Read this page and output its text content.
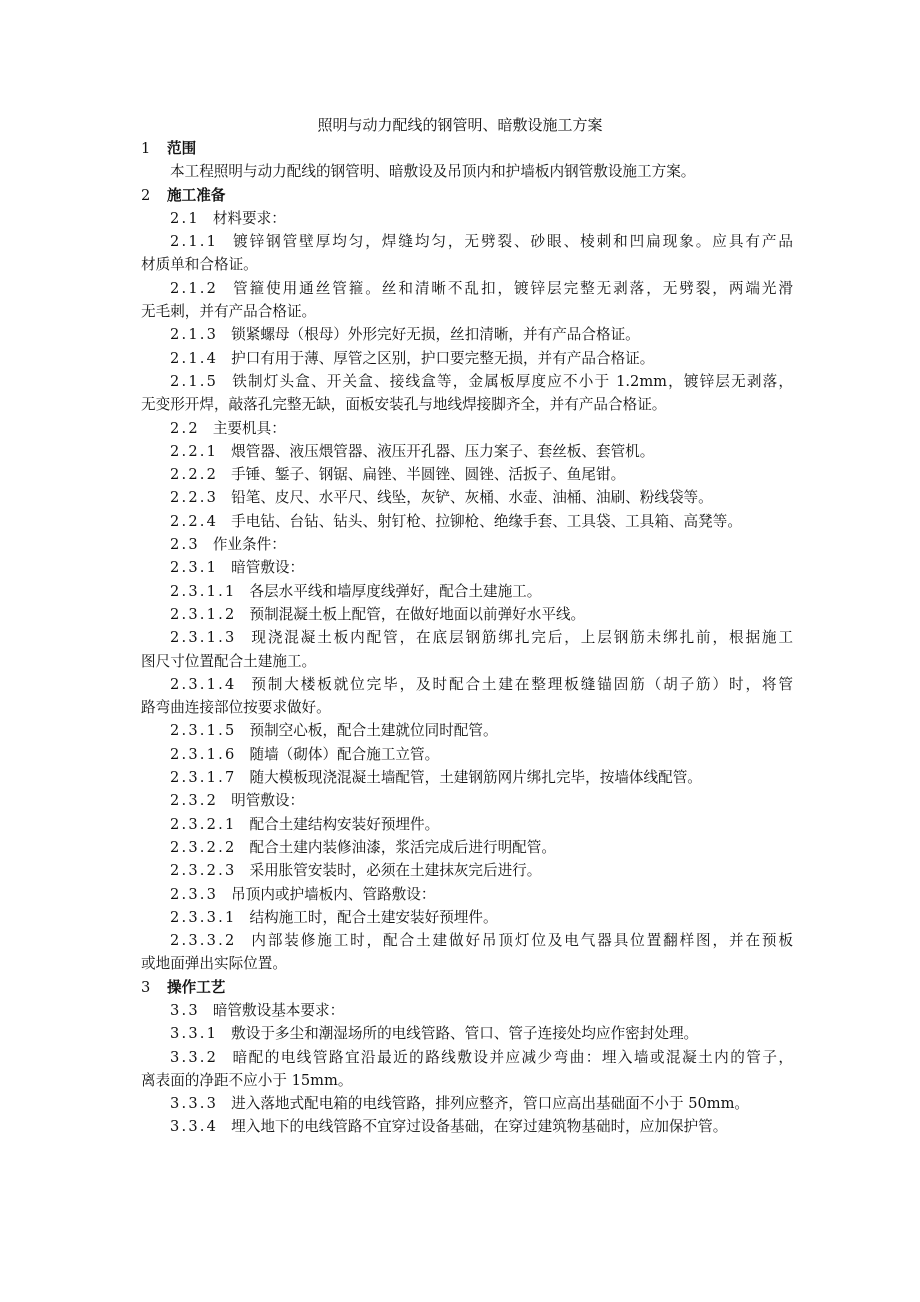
照明与动力配线的钢管明、暗敷设施工方案
1 范围
本工程照明与动力配线的钢管明、暗敷设及吊顶内和护墙板内钢管敷设施工方案。
2 施工准备
2.1 材料要求：
2.1.1 镀锌钢管壁厚均匀，焊缝均匀，无劈裂、砂眼、棱刺和凹扁现象。应具有产品
材质单和合格证。
2.1.2 管箍使用通丝管箍。丝和清晰不乱扣，镀锌层完整无剥落，无劈裂，两端光滑
无毛刺，并有产品合格证。
2.1.3 锁紧螺母（根母）外形完好无损，丝扣清晰，并有产品合格证。
2.1.4 护口有用于薄、厚管之区别，护口要完整无损，并有产品合格证。
2.1.5 铁制灯头盒、开关盒、接线盒等，金属板厚度应不小于 1.2mm，镀锌层无剥落，
无变形开焊，敲落孔完整无缺，面板安装孔与地线焊接脚齐全，并有产品合格证。
2.2 主要机具：
2.2.1 煨管器、液压煨管器、液压开孔器、压力案子、套丝板、套管机。
2.2.2 手锤、錾子、钢锯、扁锉、半圆锉、圆锉、活扳子、鱼尾钳。
2.2.3 铅笔、皮尺、水平尺、线坠，灰铲、灰桶、水壶、油桶、油刷、粉线袋等。
2.2.4 手电钻、台钻、钻头、射钉枪、拉铆枪、绝缘手套、工具袋、工具箱、高凳等。
2.3 作业条件：
2.3.1 暗管敷设：
2.3.1.1 各层水平线和墙厚度线弹好，配合土建施工。
2.3.1.2 预制混凝土板上配管，在做好地面以前弹好水平线。
2.3.1.3 现浇混凝土板内配管，在底层钢筋绑扎完后，上层钢筋未绑扎前，根据施工
图尺寸位置配合土建施工。
2.3.1.4 预制大楼板就位完毕，及时配合土建在整理板缝锚固筋（胡子筋）时，将管
路弯曲连接部位按要求做好。
2.3.1.5 预制空心板，配合土建就位同时配管。
2.3.1.6 随墙（砌体）配合施工立管。
2.3.1.7 随大模板现浇混凝土墙配管，土建钢筋网片绑扎完毕，按墙体线配管。
2.3.2 明管敷设：
2.3.2.1 配合土建结构安装好预埋件。
2.3.2.2 配合土建内装修油漆，浆活完成后进行明配管。
2.3.2.3 采用胀管安装时，必须在土建抹灰完后进行。
2.3.3 吊顶内或护墙板内、管路敷设：
2.3.3.1 结构施工时，配合土建安装好预埋件。
2.3.3.2 内部装修施工时，配合土建做好吊顶灯位及电气器具位置翻样图，并在预板
或地面弹出实际位置。
3 操作工艺
3.3 暗管敷设基本要求：
3.3.1 敷设于多尘和潮湿场所的电线管路、管口、管子连接处均应作密封处理。
3.3.2 暗配的电线管路宜沿最近的路线敷设并应减少弯曲：埋入墙或混凝土内的管子，
离表面的净距不应小于 15mm。
3.3.3 进入落地式配电箱的电线管路，排列应整齐，管口应高出基础面不小于 50mm。
3.3.4 埋入地下的电线管路不宜穿过设备基础，在穿过建筑物基础时，应加保护管。
